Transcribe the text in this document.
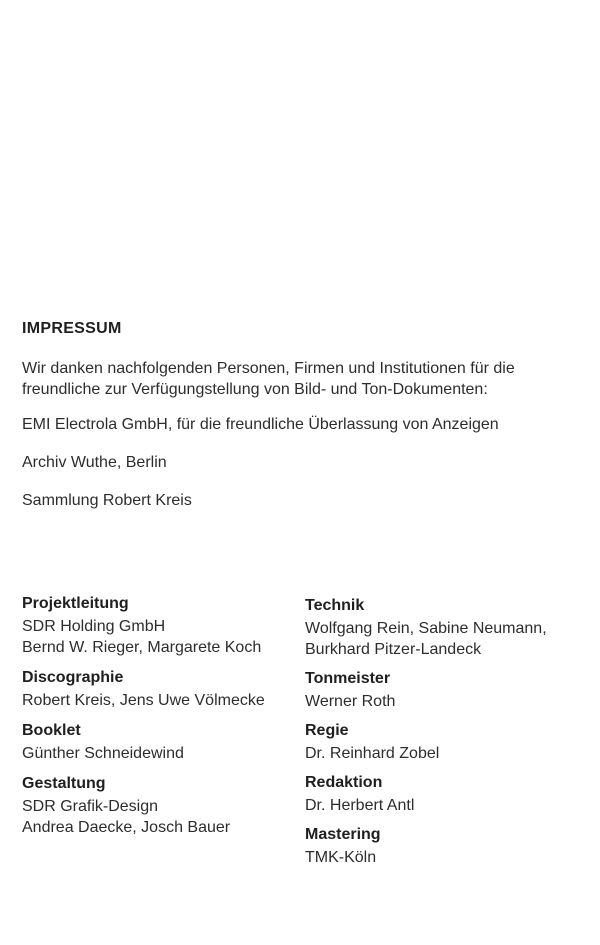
IMPRESSUM

Wir danken nachfolgenden Personen, Firmen und Institutionen für die freundliche zur Verfügungstellung von Bild- und Ton-Dokumenten:

EMI Electrola GmbH, für die freundliche Überlassung von Anzeigen

Archiv Wuthe, Berlin

Sammlung Robert Kreis

Projektleitung
SDR Holding GmbH
Bernd W. Rieger, Margarete Koch
Discographie
Robert Kreis, Jens Uwe Völmecke
Booklet
Günther Schneidewind
Gestaltung
SDR Grafik-Design
Andrea Daecke, Josch Bauer
Technik
Wolfgang Rein, Sabine Neumann,
Burkhard Pitzer-Landeck
Tonmeister
Werner Roth
Regie
Dr. Reinhard Zobel
Redaktion
Dr. Herbert Antl
Mastering
TMK-Köln
